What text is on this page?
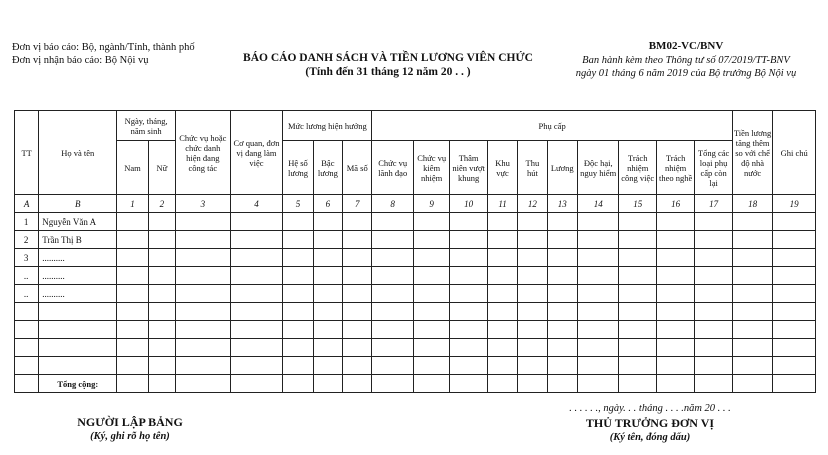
Đơn vị báo cáo: Bộ, ngành/Tỉnh, thành phố
Đơn vị nhận báo cáo: Bộ Nội vụ	BÁO CÁO DANH SÁCH VÀ TIỀN LƯƠNG VIÊN CHỨC
(Tính đến 31 tháng 12 năm 20 . . )
BM02-VC/BNV
Ban hành kèm theo Thông tư số 07/2019/TT-BNV
ngày 01 tháng 6 năm 2019 của Bộ trưởng Bộ Nội vụ
TT	Họ và tên	Ngày, tháng, năm sinh		Chức vụ hoặc chức danh hiện đang công tác	Cơ quan, đơn vị đang làm việc	Mức lương hiện hưởng			Phụ cấp										Tiền lương tăng thêm so với chế độ nhà nước	Ghi chú
		Nam	Nữ			Hệ số lương	Bậc lương	Mã số	Chức vụ lãnh đạo	Chức vụ kiêm nhiệm	Thâm niên vượt khung	Khu vực	Thu hút	Lương	Độc hại, nguy hiểm	Trách nhiệm công việc	Trách nhiệm theo nghề	Tổng các loại phụ cấp còn lại		
A	B	1	2	3	4	5	6	7	8	9	10	11	12	13	14	15	16	17	18	19
1	Nguyễn Văn A																			
2	Trần Thị B																			
3	..........																			
..	..........																			
..	..........																			

	Tổng cộng:																			
NGƯỜI LẬP BẢNG
(Ký, ghi rõ họ tên)
. . . . . ., ngày. . . tháng . . . .năm 20 . . .
THỦ TRƯỞNG ĐƠN VỊ
(Ký tên, đóng dấu)
